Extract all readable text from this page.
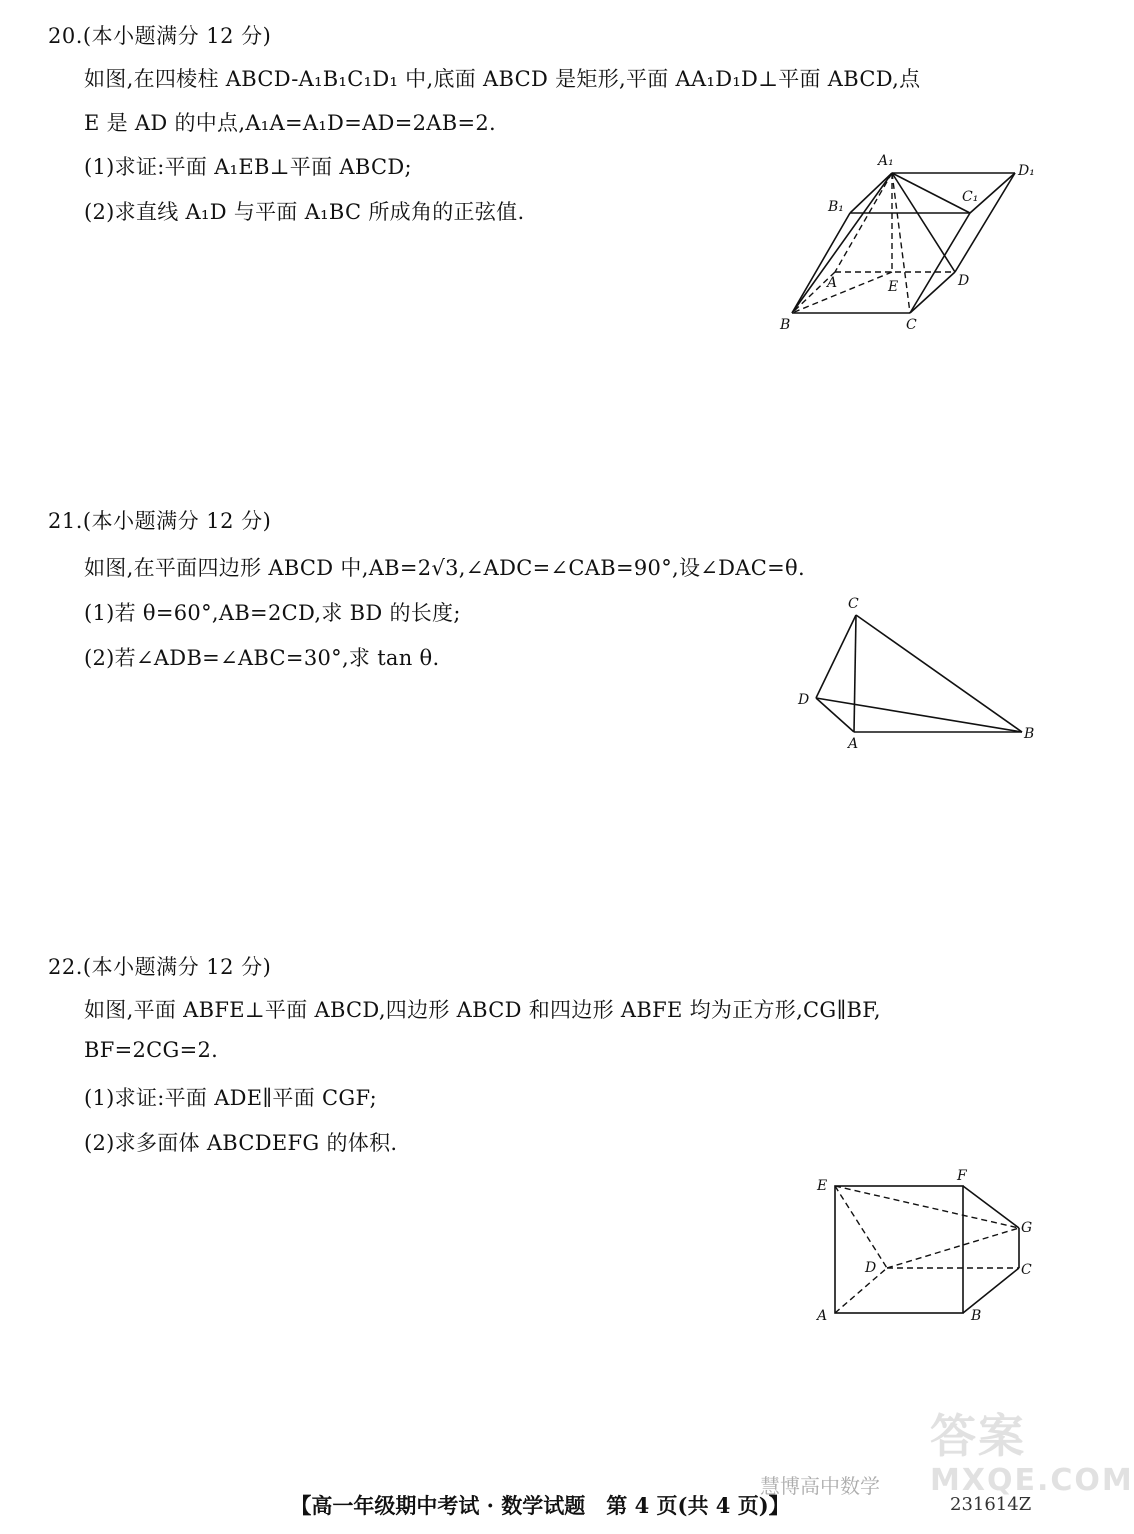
20.(本小题满分 12 分)
如图,在四棱柱 ABCD-A₁B₁C₁D₁ 中,底面 ABCD 是矩形,平面 AA₁D₁D⊥平面 ABCD,点
E 是 AD 的中点,A₁A=A₁D=AD=2AB=2.
(1)求证:平面 A₁EB⊥平面 ABCD;
(2)求直线 A₁D 与平面 A₁BC 所成角的正弦值.
A₁
D₁
B₁
C₁
A	E	D
B	C
21.(本小题满分 12 分)
如图,在平面四边形 ABCD 中,AB=2√3,∠ADC=∠CAB=90°,设∠DAC=θ.
(1)若 θ=60°,AB=2CD,求 BD 的长度;
(2)若∠ADB=∠ABC=30°,求 tan θ.
C
D
A
B
22.(本小题满分 12 分)
如图,平面 ABFE⊥平面 ABCD,四边形 ABCD 和四边形 ABFE 均为正方形,CG∥BF,
BF=2CG=2.
(1)求证:平面 ADE∥平面 CGF;
(2)求多面体 ABCDEFG 的体积.
E
F
G
D	C
A	B
答案
MXQE.COM
慧博高中数学
【高一年级期中考试 · 数学试题　第 4 页(共 4 页)】	231614Z
